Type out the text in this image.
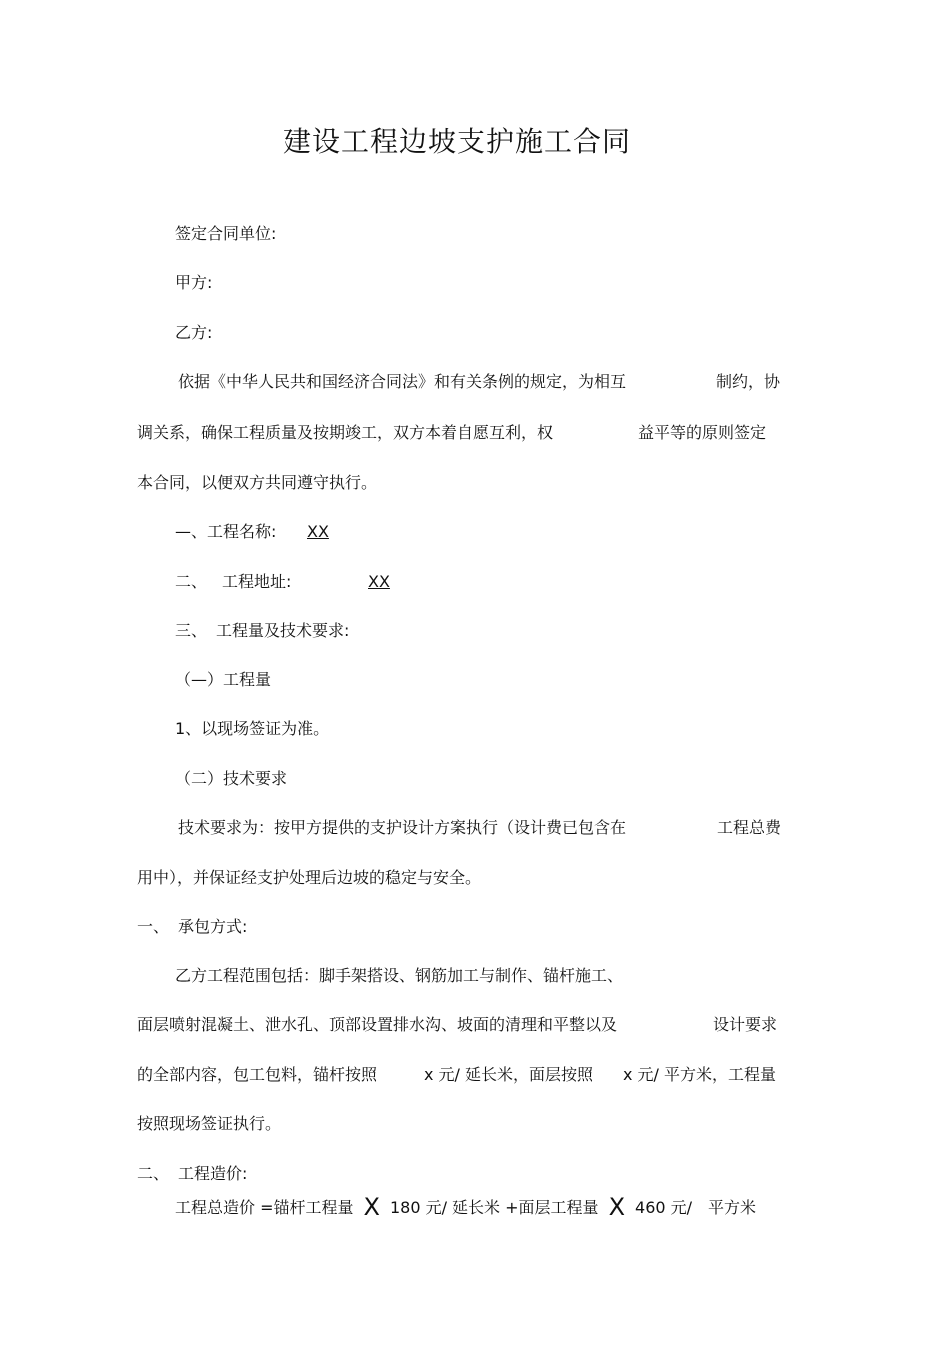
建设工程边坡支护施工合同
签定合同单位:
甲方:
乙方:
依据《中华人民共和国经济合同法》和有关条例的规定，为相互	制约，协
调关系，确保工程质量及按期竣工，双方本着自愿互利，权	益平等的原则签定
本合同，以便双方共同遵守执行。
—、工程名称: XX
二、 工程地址:	XX
三、 工程量及技术要求:
（—）工程量
1、以现场签证为准。
（二）技术要求
技术要求为：按甲方提供的支护设计方案执行（设计费已包含在	工程总费
用中），并保证经支护处理后边坡的稳定与安全。
一、 承包方式:
乙方工程范围包括：脚手架搭设、钢筋加工与制作、锚杆施工、
面层喷射混凝土、泄水孔、顶部设置排水沟、坡面的清理和平整以及	设计要求
的全部内容，包工包料，锚杆按照	x 元/ 延长米，面层按照 x 元/ 平方米，工程量
按照现场签证执行。
二、 工程造价:
工程总造价 =锚杆工程量 X 180 元/ 延长米 +面层工程量 X 460 元/ 平方米
